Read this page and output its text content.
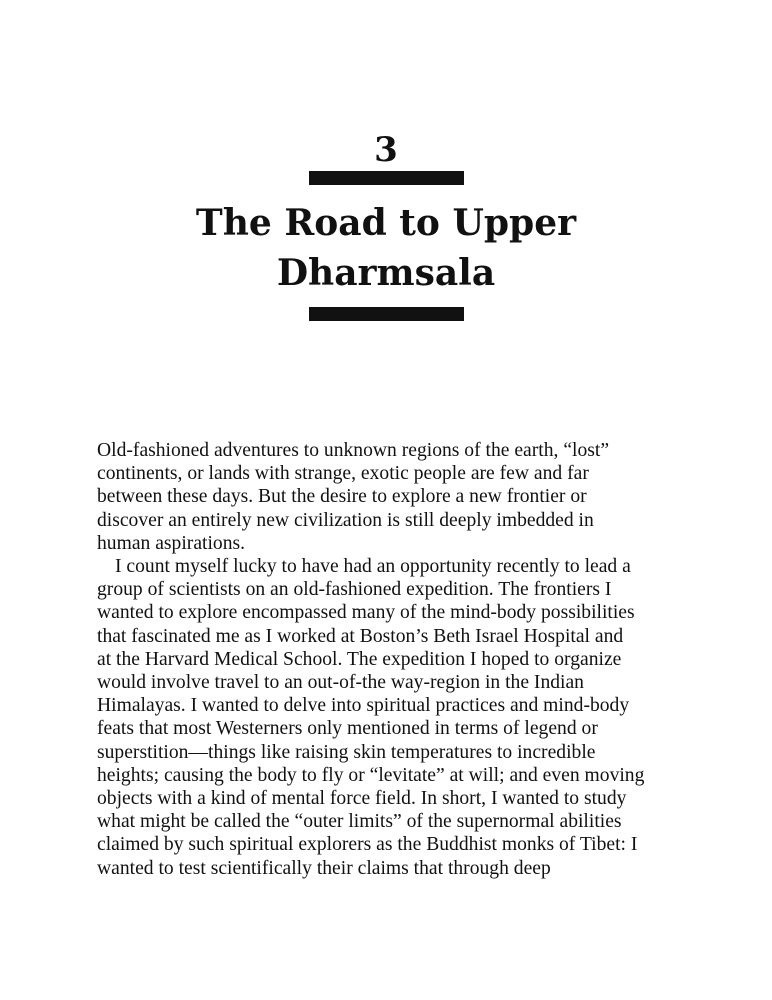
3
The Road to Upper
Dharmsala
Old-fashioned adventures to unknown regions of the earth, “lost”
continents, or lands with strange, exotic people are few and far
between these days. But the desire to explore a new frontier or
discover an entirely new civilization is still deeply imbedded in
human aspirations.
I count myself lucky to have had an opportunity recently to lead a
group of scientists on an old-fashioned expedition. The frontiers I
wanted to explore encompassed many of the mind-body possibilities
that fascinated me as I worked at Boston’s Beth Israel Hospital and
at the Harvard Medical School. The expedition I hoped to organize
would involve travel to an out-of-the way-region in the Indian
Himalayas. I wanted to delve into spiritual practices and mind-body
feats that most Westerners only mentioned in terms of legend or
superstition—things like raising skin temperatures to incredible
heights; causing the body to fly or “levitate” at will; and even moving
objects with a kind of mental force field. In short, I wanted to study
what might be called the “outer limits” of the supernormal abilities
claimed by such spiritual explorers as the Buddhist monks of Tibet: I
wanted to test scientifically their claims that through deep
